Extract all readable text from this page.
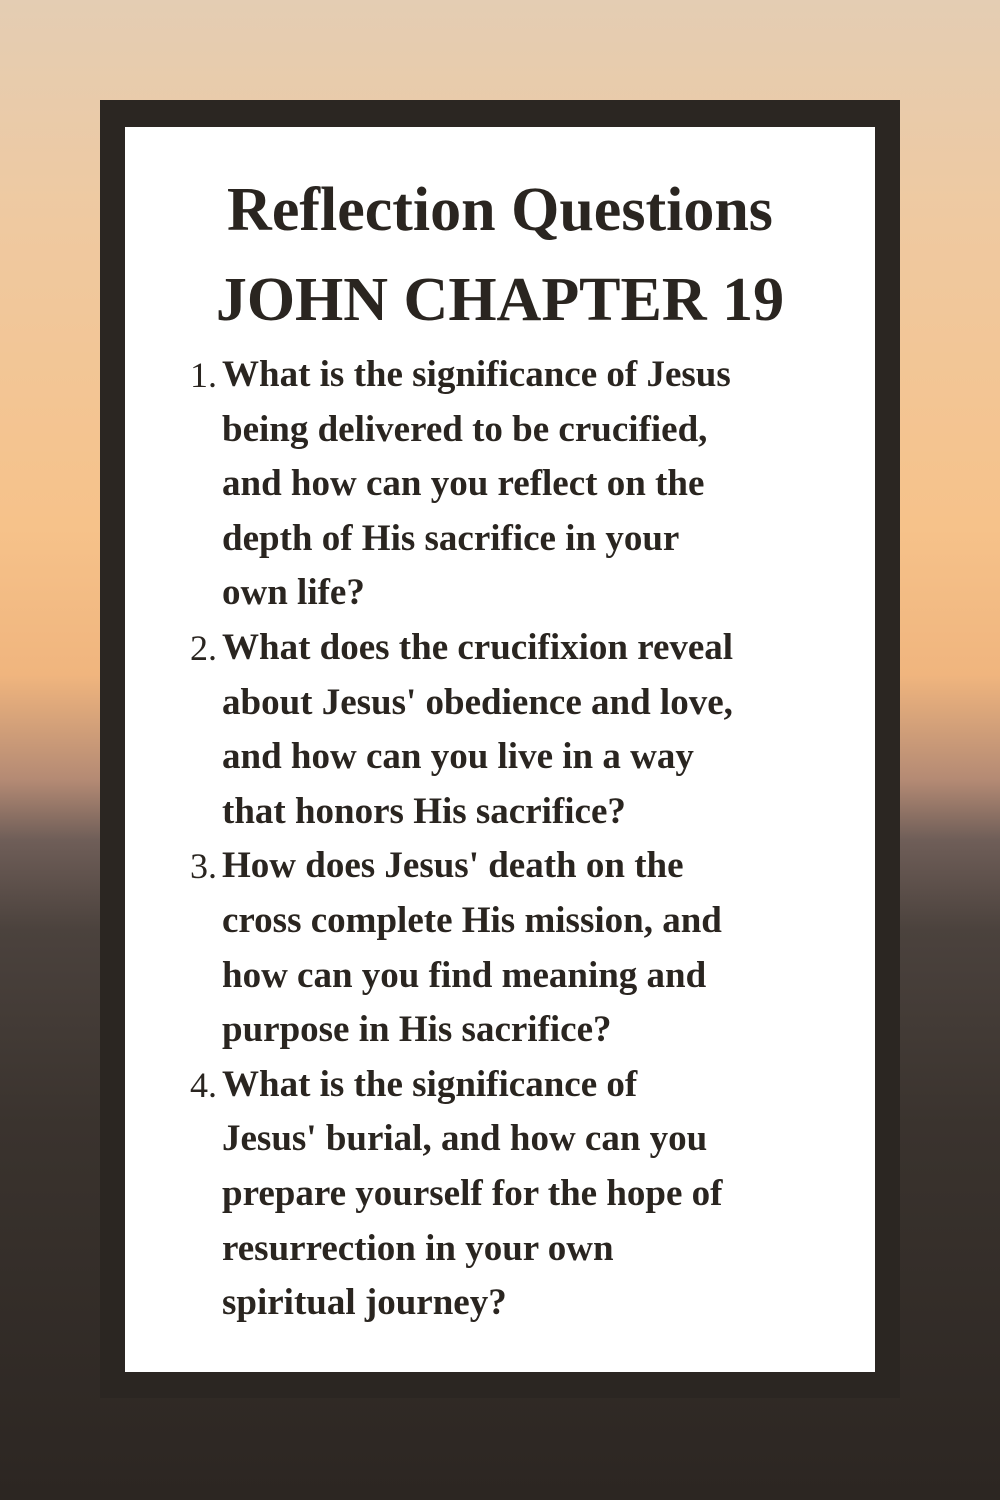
Reflection Questions
JOHN CHAPTER 19
1. What is the significance of Jesus
being delivered to be crucified,
and how can you reflect on the
depth of His sacrifice in your
own life?
2. What does the crucifixion reveal
about Jesus' obedience and love,
and how can you live in a way
that honors His sacrifice?
3. How does Jesus' death on the
cross complete His mission, and
how can you find meaning and
purpose in His sacrifice?
4. What is the significance of
Jesus' burial, and how can you
prepare yourself for the hope of
resurrection in your own
spiritual journey?
